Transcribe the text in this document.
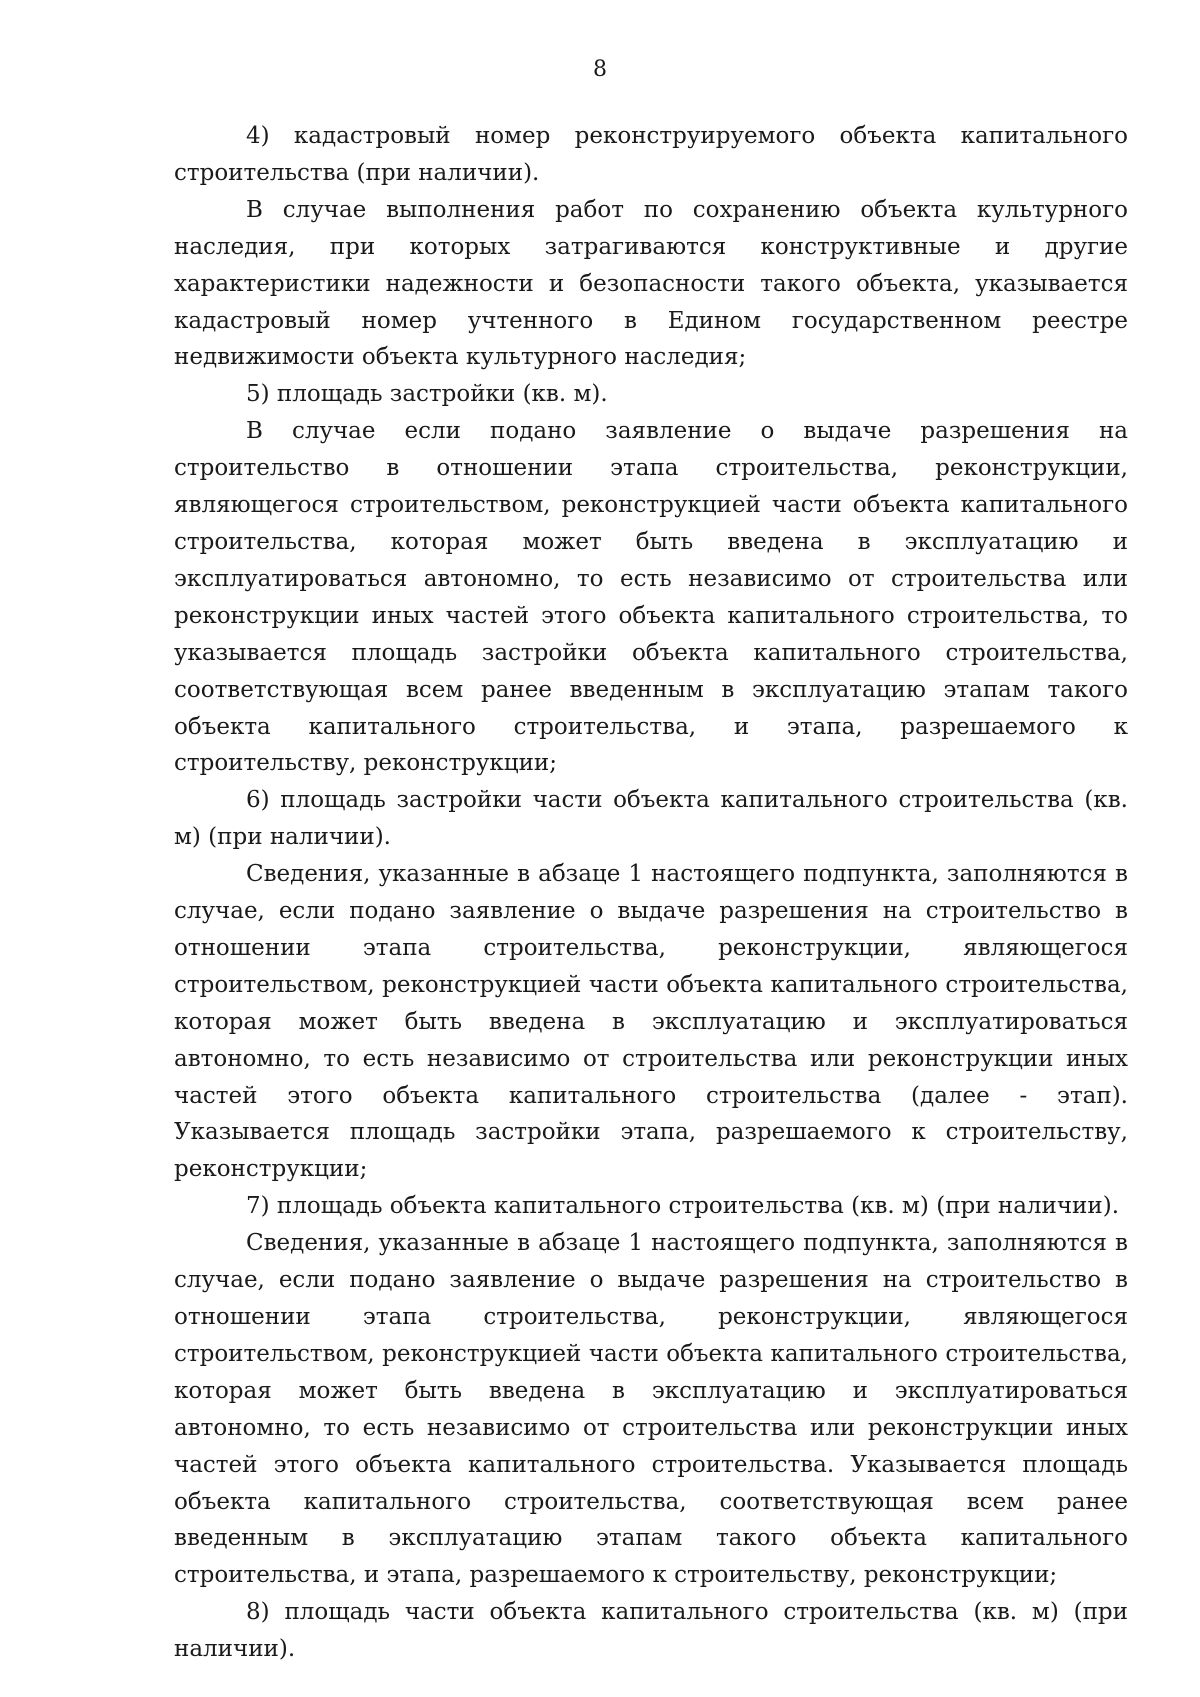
8

4) кадастровый номер реконструируемого объекта капитального строительства (при наличии).

В случае выполнения работ по сохранению объекта культурного наследия, при которых затрагиваются конструктивные и другие характеристики надежности и безопасности такого объекта, указывается кадастровый номер учтенного в Едином государственном реестре недвижимости объекта культурного наследия;

5) площадь застройки (кв. м).

В случае если подано заявление о выдаче разрешения на строительство в отношении этапа строительства, реконструкции, являющегося строительством, реконструкцией части объекта капитального строительства, которая может быть введена в эксплуатацию и эксплуатироваться автономно, то есть независимо от строительства или реконструкции иных частей этого объекта капитального строительства, то указывается площадь застройки объекта капитального строительства, соответствующая всем ранее введенным в эксплуатацию этапам такого объекта капитального строительства, и этапа, разрешаемого к строительству, реконструкции;

6) площадь застройки части объекта капитального строительства (кв. м) (при наличии).

Сведения, указанные в абзаце 1 настоящего подпункта, заполняются в случае, если подано заявление о выдаче разрешения на строительство в отношении этапа строительства, реконструкции, являющегося строительством, реконструкцией части объекта капитального строительства, которая может быть введена в эксплуатацию и эксплуатироваться автономно, то есть независимо от строительства или реконструкции иных частей этого объекта капитального строительства (далее - этап). Указывается площадь застройки этапа, разрешаемого к строительству, реконструкции;

7) площадь объекта капитального строительства (кв. м) (при наличии).

Сведения, указанные в абзаце 1 настоящего подпункта, заполняются в случае, если подано заявление о выдаче разрешения на строительство в отношении этапа строительства, реконструкции, являющегося строительством, реконструкцией части объекта капитального строительства, которая может быть введена в эксплуатацию и эксплуатироваться автономно, то есть независимо от строительства или реконструкции иных частей этого объекта капитального строительства. Указывается площадь объекта капитального строительства, соответствующая всем ранее введенным в эксплуатацию этапам такого объекта капитального строительства, и этапа, разрешаемого к строительству, реконструкции;

8) площадь части объекта капитального строительства (кв. м) (при наличии).
